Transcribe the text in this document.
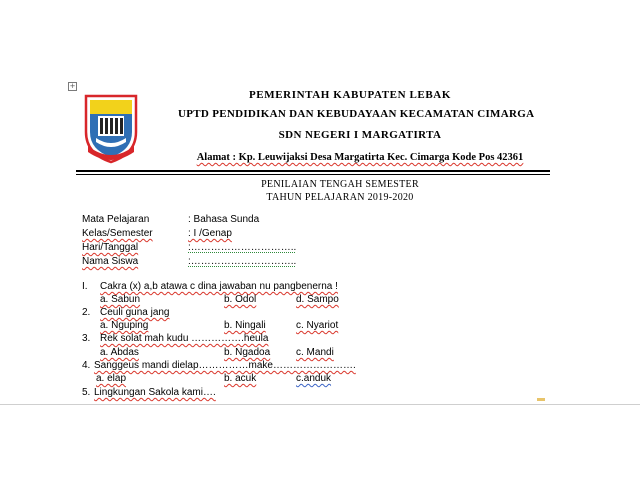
+
PEMERINTAH KABUPATEN LEBAK
UPTD PENDIDIKAN DAN KEBUDAYAAN KECAMATAN CIMARGA
SDN NEGERI I MARGATIRTA
Alamat : Kp. Leuwijaksi Desa Margatirta Kec. Cimarga Kode Pos 42361
PENILAIAN TENGAH SEMESTER
TAHUN PELAJARAN 2019-2020
Mata Pelajaran	: Bahasa Sunda
Kelas/Semester	: I /Genap
Hari/Tanggal	:…………………………..
Nama Siswa	:…………………………..
I. Cakra (x) a,b atawa c dina jawaban nu pangbenerna !
a. Sabun	b. Odol	d. Sampo
2. Ceuli guna jang
a. Nguping	b. Ningali	c. Nyariot
3. Rek solat mah kudu …………….heula
a. Abdas	b. Ngadoa	c. Mandi
4. Sanggeus mandi dielap……………make…………………….
a. elap	b. acuk	c.anduk
5. Lingkungan Sakola kami….
